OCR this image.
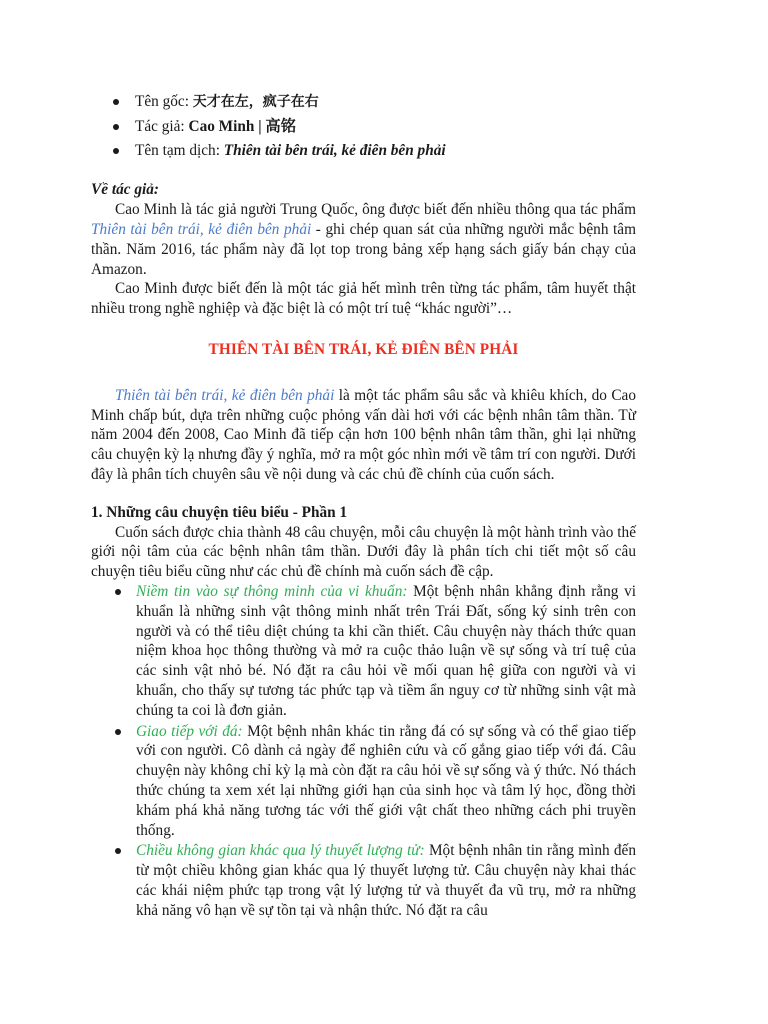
Tên gốc: 天才在左，疯子在右
Tác giả: Cao Minh | 高铭
Tên tạm dịch: Thiên tài bên trái, kẻ điên bên phải
Về tác giả:

Cao Minh là tác giả người Trung Quốc, ông được biết đến nhiều thông qua tác phẩm Thiên tài bên trái, kẻ điên bên phải - ghi chép quan sát của những người mắc bệnh tâm thần. Năm 2016, tác phẩm này đã lọt top trong bảng xếp hạng sách giấy bán chạy của Amazon.

Cao Minh được biết đến là một tác giả hết mình trên từng tác phẩm, tâm huyết thật nhiều trong nghề nghiệp và đặc biệt là có một trí tuệ “khác người”…

THIÊN TÀI BÊN TRÁI, KẺ ĐIÊN BÊN PHẢI

Thiên tài bên trái, kẻ điên bên phải là một tác phẩm sâu sắc và khiêu khích, do Cao Minh chấp bút, dựa trên những cuộc phỏng vấn dài hơi với các bệnh nhân tâm thần. Từ năm 2004 đến 2008, Cao Minh đã tiếp cận hơn 100 bệnh nhân tâm thần, ghi lại những câu chuyện kỳ lạ nhưng đầy ý nghĩa, mở ra một góc nhìn mới về tâm trí con người. Dưới đây là phân tích chuyên sâu về nội dung và các chủ đề chính của cuốn sách.

1. Những câu chuyện tiêu biểu - Phần 1

Cuốn sách được chia thành 48 câu chuyện, mỗi câu chuyện là một hành trình vào thế giới nội tâm của các bệnh nhân tâm thần. Dưới đây là phân tích chi tiết một số câu chuyện tiêu biểu cũng như các chủ đề chính mà cuốn sách đề cập.

Niềm tin vào sự thông minh của vi khuẩn: Một bệnh nhân khẳng định rằng vi khuẩn là những sinh vật thông minh nhất trên Trái Đất, sống ký sinh trên con người và có thể tiêu diệt chúng ta khi cần thiết. Câu chuyện này thách thức quan niệm khoa học thông thường và mở ra cuộc thảo luận về sự sống và trí tuệ của các sinh vật nhỏ bé. Nó đặt ra câu hỏi về mối quan hệ giữa con người và vi khuẩn, cho thấy sự tương tác phức tạp và tiềm ẩn nguy cơ từ những sinh vật mà chúng ta coi là đơn giản.
Giao tiếp với đá: Một bệnh nhân khác tin rằng đá có sự sống và có thể giao tiếp với con người. Cô dành cả ngày để nghiên cứu và cố gắng giao tiếp với đá. Câu chuyện này không chỉ kỳ lạ mà còn đặt ra câu hỏi về sự sống và ý thức. Nó thách thức chúng ta xem xét lại những giới hạn của sinh học và tâm lý học, đồng thời khám phá khả năng tương tác với thế giới vật chất theo những cách phi truyền thống.
Chiều không gian khác qua lý thuyết lượng tử: Một bệnh nhân tin rằng mình đến từ một chiều không gian khác qua lý thuyết lượng tử. Câu chuyện này khai thác các khái niệm phức tạp trong vật lý lượng tử và thuyết đa vũ trụ, mở ra những khả năng vô hạn về sự tồn tại và nhận thức. Nó đặt ra câu
